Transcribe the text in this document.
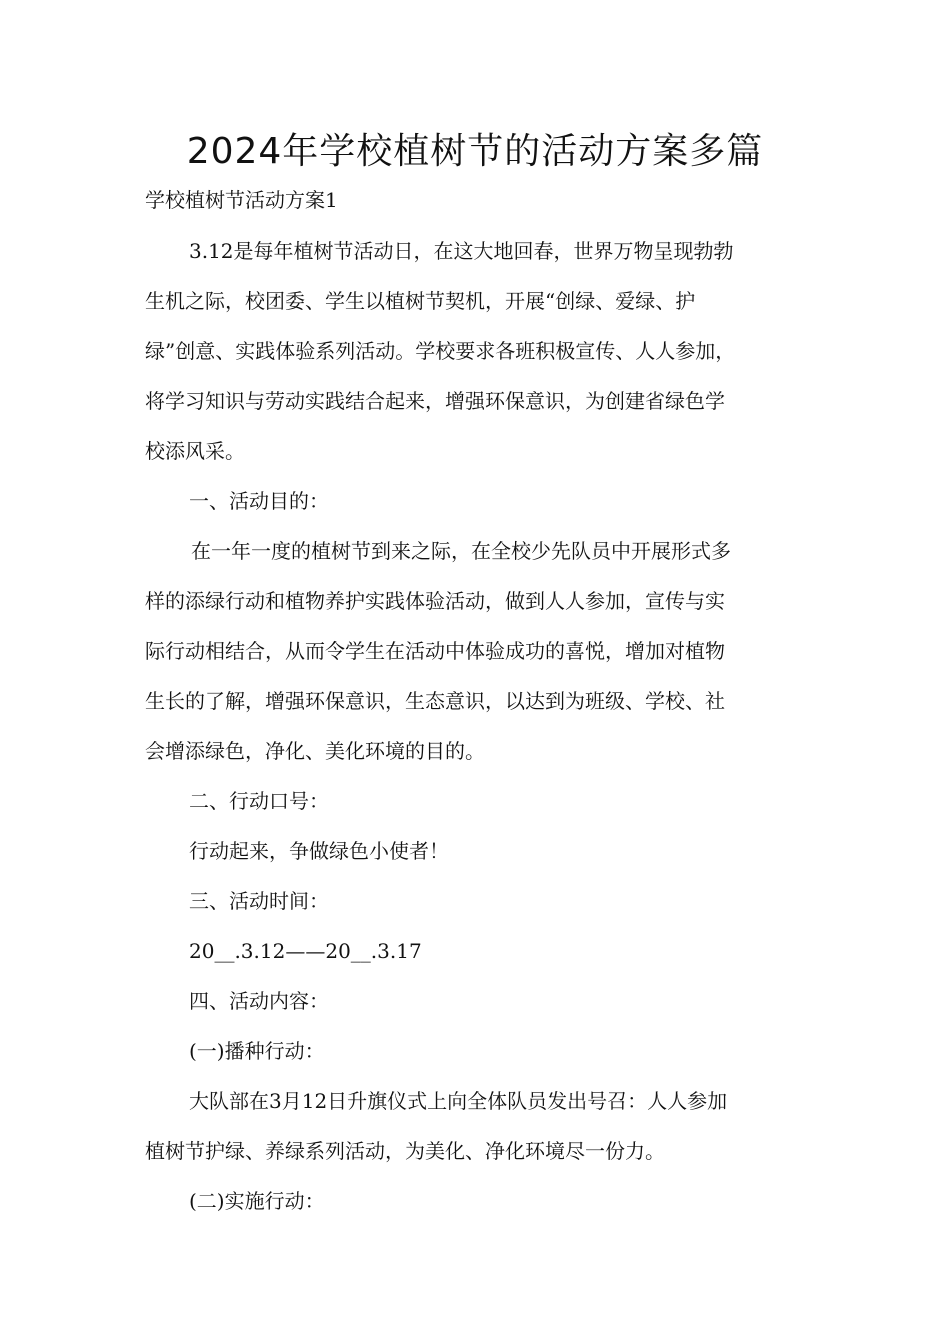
2024年学校植树节的活动方案多篇
学校植树节活动方案1
3.12是每年植树节活动日，在这大地回春，世界万物呈现勃勃
生机之际，校团委、学生以植树节契机，开展“创绿、爱绿、护
绿”创意、实践体验系列活动。学校要求各班积极宣传、人人参加，
将学习知识与劳动实践结合起来，增强环保意识，为创建省绿色学
校添风采。
一、活动目的：
在一年一度的植树节到来之际，在全校少先队员中开展形式多
样的添绿行动和植物养护实践体验活动，做到人人参加，宣传与实
际行动相结合，从而令学生在活动中体验成功的喜悦，增加对植物
生长的了解，增强环保意识，生态意识，以达到为班级、学校、社
会增添绿色，净化、美化环境的目的。
二、行动口号：
行动起来，争做绿色小使者！
三、活动时间：
20__.3.12——20__.3.17
四、活动内容：
(一)播种行动：
大队部在3月12日升旗仪式上向全体队员发出号召：人人参加
植树节护绿、养绿系列活动，为美化、净化环境尽一份力。
(二)实施行动：
